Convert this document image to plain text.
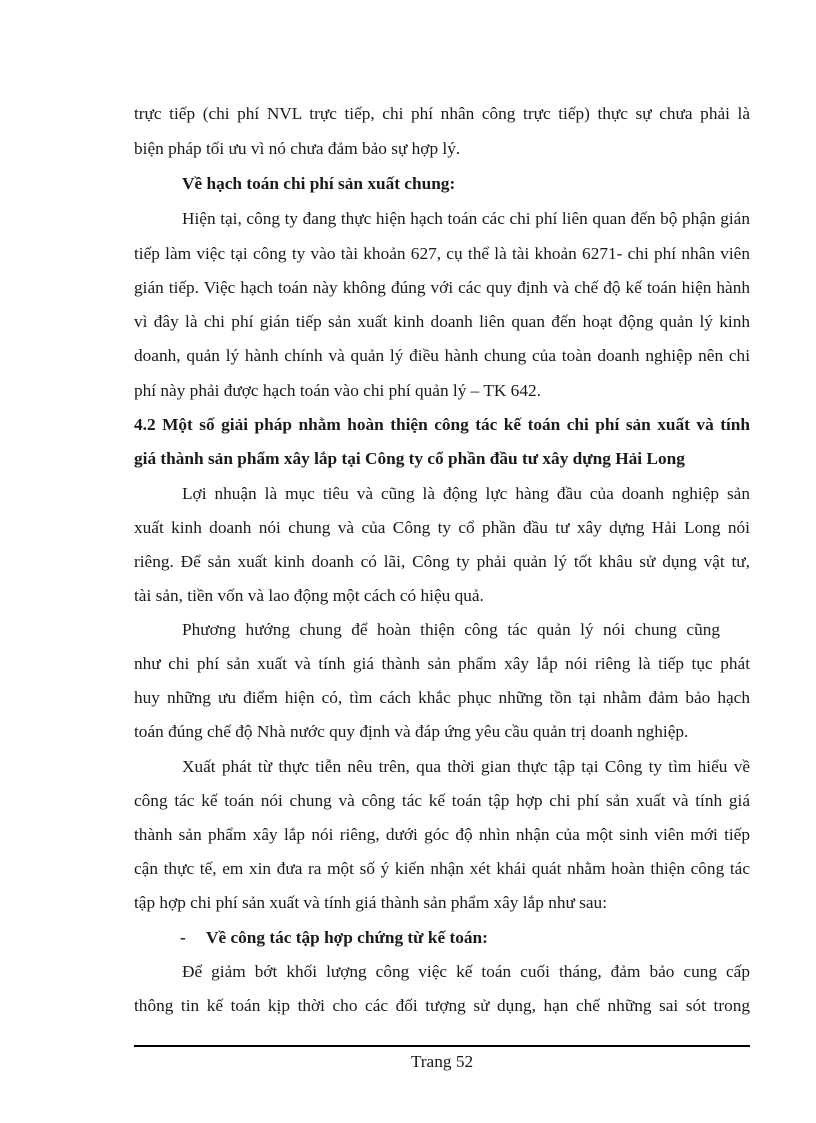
trực tiếp (chi phí NVL trực tiếp, chi phí nhân công trực tiếp) thực sự chưa phải là
biện pháp tối ưu vì nó chưa đảm bảo sự hợp lý.
Về hạch toán chi phí sản xuất chung:
Hiện tại, công ty đang thực hiện hạch toán các chi phí liên quan đến bộ phận gián
tiếp làm việc tại công ty vào tài khoản 627, cụ thể là tài khoản 6271- chi phí nhân viên
gián tiếp. Việc hạch toán này không đúng với các quy định và chế độ kế toán hiện hành
vì đây là chi phí gián tiếp sản xuất kinh doanh liên quan đến hoạt động quản lý kinh
doanh, quản lý hành chính và quản lý điều hành chung của toàn doanh nghiệp nên chi
phí này phải được hạch toán vào chi phí quản lý – TK 642.
4.2 Một số giải pháp nhằm hoàn thiện công tác kế toán chi phí sản xuất và tính
giá thành sản phẩm xây lắp tại Công ty cổ phần đầu tư xây dựng Hải Long
Lợi nhuận là mục tiêu và cũng là động lực hàng đầu của doanh nghiệp sản
xuất kinh doanh nói chung và của Công ty cổ phần đầu tư xây dựng Hải Long nói
riêng. Để sản xuất kinh doanh có lãi, Công ty phải quản lý tốt khâu sử dụng vật tư,
tài sản, tiền vốn và lao động một cách có hiệu quả.
Phương hướng chung để hoàn thiện công tác quản lý nói chung cũng
như chi phí sản xuất và tính giá thành sản phẩm xây lắp nói riêng là tiếp tục phát
huy những ưu điểm hiện có, tìm cách khắc phục những tồn tại nhằm đảm bảo hạch
toán đúng chế độ Nhà nước quy định và đáp ứng yêu cầu quản trị doanh nghiệp.
Xuất phát từ thực tiễn nêu trên, qua thời gian thực tập tại Công ty tìm hiểu về
công tác kế toán nói chung và công tác kế toán tập hợp chi phí sản xuất và tính giá
thành sản phẩm xây lắp nói riêng, dưới góc độ nhìn nhận của một sinh viên mới tiếp
cận thực tế, em xin đưa ra một số ý kiến nhận xét khái quát nhằm hoàn thiện công tác
tập hợp chi phí sản xuất và tính giá thành sản phẩm xây lắp như sau:
- Về công tác tập hợp chứng từ kế toán:
Để giảm bớt khối lượng công việc kế toán cuối tháng, đảm bảo cung cấp
thông tin kế toán kịp thời cho các đối tượng sử dụng, hạn chế những sai sót trong
Trang 52
